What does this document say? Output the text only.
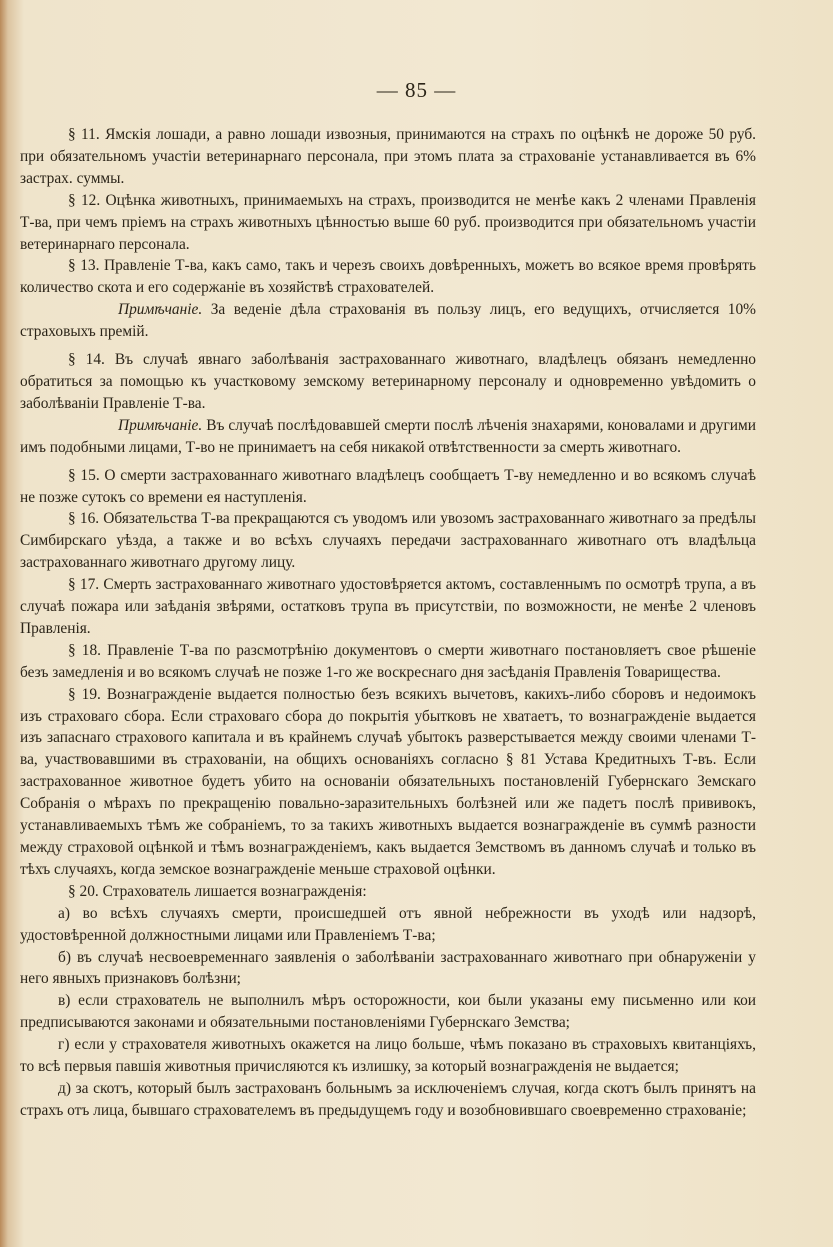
— 85 —

§ 11. Ямскія лошади, а равно лошади извозныя, принимаются на страхъ по оцѣнкѣ не дороже 50 руб. при обязательномъ участіи ветеринарнаго персонала, при этомъ плата за страхованіе устанавливается въ 6% застрах. суммы.

§ 12. Оцѣнка животныхъ, принимаемыхъ на страхъ, производится не менѣе какъ 2 членами Правленія Т-ва, при чемъ пріемъ на страхъ животныхъ цѣнностью выше 60 руб. производится при обязательномъ участіи ветеринарнаго персонала.

§ 13. Правленіе Т-ва, какъ само, такъ и черезъ своихъ довѣренныхъ, можетъ во всякое время провѣрять количество скота и его содержаніе въ хозяйствѣ страхователей.

Примѣчаніе. За веденіе дѣла страхованія въ пользу лицъ, его ведущихъ, отчисляется 10% страховыхъ премій.

§ 14. Въ случаѣ явнаго заболѣванія застрахованнаго животнаго, владѣлецъ обязанъ немедленно обратиться за помощью къ участковому земскому ветеринарному персоналу и одновременно увѣдомить о заболѣваніи Правленіе Т-ва.

Примѣчаніе. Въ случаѣ послѣдовавшей смерти послѣ лѣченія знахарями, коновалами и другими имъ подобными лицами, Т-во не принимаетъ на себя никакой отвѣтственности за смерть животнаго.

§ 15. О смерти застрахованнаго животнаго владѣлецъ сообщаетъ Т-ву немедленно и во всякомъ случаѣ не позже сутокъ со времени ея наступленія.

§ 16. Обязательства Т-ва прекращаются съ уводомъ или увозомъ застрахованнаго животнаго за предѣлы Симбирскаго уѣзда, а также и во всѣхъ случаяхъ передачи застрахованнаго животнаго отъ владѣльца застрахованнаго животнаго другому лицу.

§ 17. Смерть застрахованнаго животнаго удостовѣряется актомъ, составленнымъ по осмотрѣ трупа, а въ случаѣ пожара или заѣданія звѣрями, остатковъ трупа въ присутствіи, по возможности, не менѣе 2 членовъ Правленія.

§ 18. Правленіе Т-ва по разсмотрѣнію документовъ о смерти животнаго постановляетъ свое рѣшеніе безъ замедленія и во всякомъ случаѣ не позже 1-го же воскреснаго дня засѣданія Правленія Товарищества.

§ 19. Вознагражденіе выдается полностью безъ всякихъ вычетовъ, какихъ-либо сборовъ и недоимокъ изъ страховаго сбора. Если страховаго сбора до покрытія убытковъ не хватаетъ, то вознагражденіе выдается изъ запаснаго страхового капитала и въ крайнемъ случаѣ убытокъ разверстывается между своими членами Т-ва, участвовавшими въ страхованіи, на общихъ основаніяхъ согласно § 81 Устава Кредитныхъ Т-въ. Если застрахованное животное будетъ убито на основаніи обязательныхъ постановленій Губернскаго Земскаго Собранія о мѣрахъ по прекращенію повально-заразительныхъ болѣзней или же падетъ послѣ прививокъ, устанавливаемыхъ тѣмъ же собраніемъ, то за такихъ животныхъ выдается вознагражденіе въ суммѣ разности между страховой оцѣнкой и тѣмъ вознагражденіемъ, какъ выдается Земствомъ въ данномъ случаѣ и только въ тѣхъ случаяхъ, когда земское вознагражденіе меньше страховой оцѣнки.

§ 20. Страхователь лишается вознагражденія:

а) во всѣхъ случаяхъ смерти, происшедшей отъ явной небрежности въ уходѣ или надзорѣ, удостовѣренной должностными лицами или Правленіемъ Т-ва;

б) въ случаѣ несвоевременнаго заявленія о заболѣваніи застрахованнаго животнаго при обнаруженіи у него явныхъ признаковъ болѣзни;

в) если страхователь не выполнилъ мѣръ осторожности, кои были указаны ему письменно или кои предписываются законами и обязательными постановленіями Губернскаго Земства;

г) если у страхователя животныхъ окажется на лицо больше, чѣмъ показано въ страховыхъ квитанціяхъ, то всѣ первыя павшія животныя причисляются къ излишку, за который вознагражденія не выдается;

д) за скотъ, который былъ застрахованъ больнымъ за исключеніемъ случая, когда скотъ былъ принятъ на страхъ отъ лица, бывшаго страхователемъ въ предыдущемъ году и возобновившаго своевременно страхованіе;
